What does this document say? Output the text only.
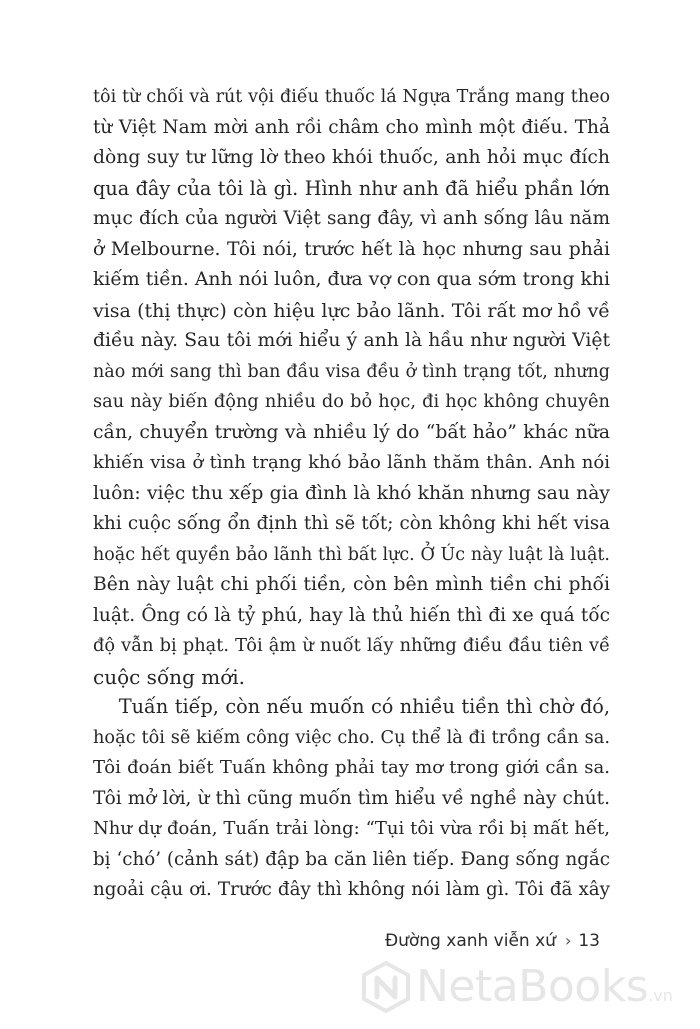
tôi từ chối và rút vội điếu thuốc lá Ngựa Trắng mang theo
từ Việt Nam mời anh rồi châm cho mình một điếu. Thả
dòng suy tư lững lờ theo khói thuốc, anh hỏi mục đích
qua đây của tôi là gì. Hình như anh đã hiểu phần lớn
mục đích của người Việt sang đây, vì anh sống lâu năm
ở Melbourne. Tôi nói, trước hết là học nhưng sau phải
kiếm tiền. Anh nói luôn, đưa vợ con qua sớm trong khi
visa (thị thực) còn hiệu lực bảo lãnh. Tôi rất mơ hồ về
điều này. Sau tôi mới hiểu ý anh là hầu như người Việt
nào mới sang thì ban đầu visa đều ở tình trạng tốt, nhưng
sau này biến động nhiều do bỏ học, đi học không chuyên
cần, chuyển trường và nhiều lý do “bất hảo” khác nữa
khiến visa ở tình trạng khó bảo lãnh thăm thân. Anh nói
luôn: việc thu xếp gia đình là khó khăn nhưng sau này
khi cuộc sống ổn định thì sẽ tốt; còn không khi hết visa
hoặc hết quyền bảo lãnh thì bất lực. Ở Úc này luật là luật.
Bên này luật chi phối tiền, còn bên mình tiền chi phối
luật. Ông có là tỷ phú, hay là thủ hiến thì đi xe quá tốc
độ vẫn bị phạt. Tôi ậm ừ nuốt lấy những điều đầu tiên về
cuộc sống mới.
Tuấn tiếp, còn nếu muốn có nhiều tiền thì chờ đó,
hoặc tôi sẽ kiếm công việc cho. Cụ thể là đi trồng cần sa.
Tôi đoán biết Tuấn không phải tay mơ trong giới cần sa.
Tôi mở lời, ừ thì cũng muốn tìm hiểu về nghề này chút.
Như dự đoán, Tuấn trải lòng: “Tụi tôi vừa rồi bị mất hết,
bị ‘chó’ (cảnh sát) đập ba căn liên tiếp. Đang sống ngắc
ngoải cậu ơi. Trước đây thì không nói làm gì. Tôi đã xây
Đường xanh viễn xứ › 13
NetaBooks.vn
